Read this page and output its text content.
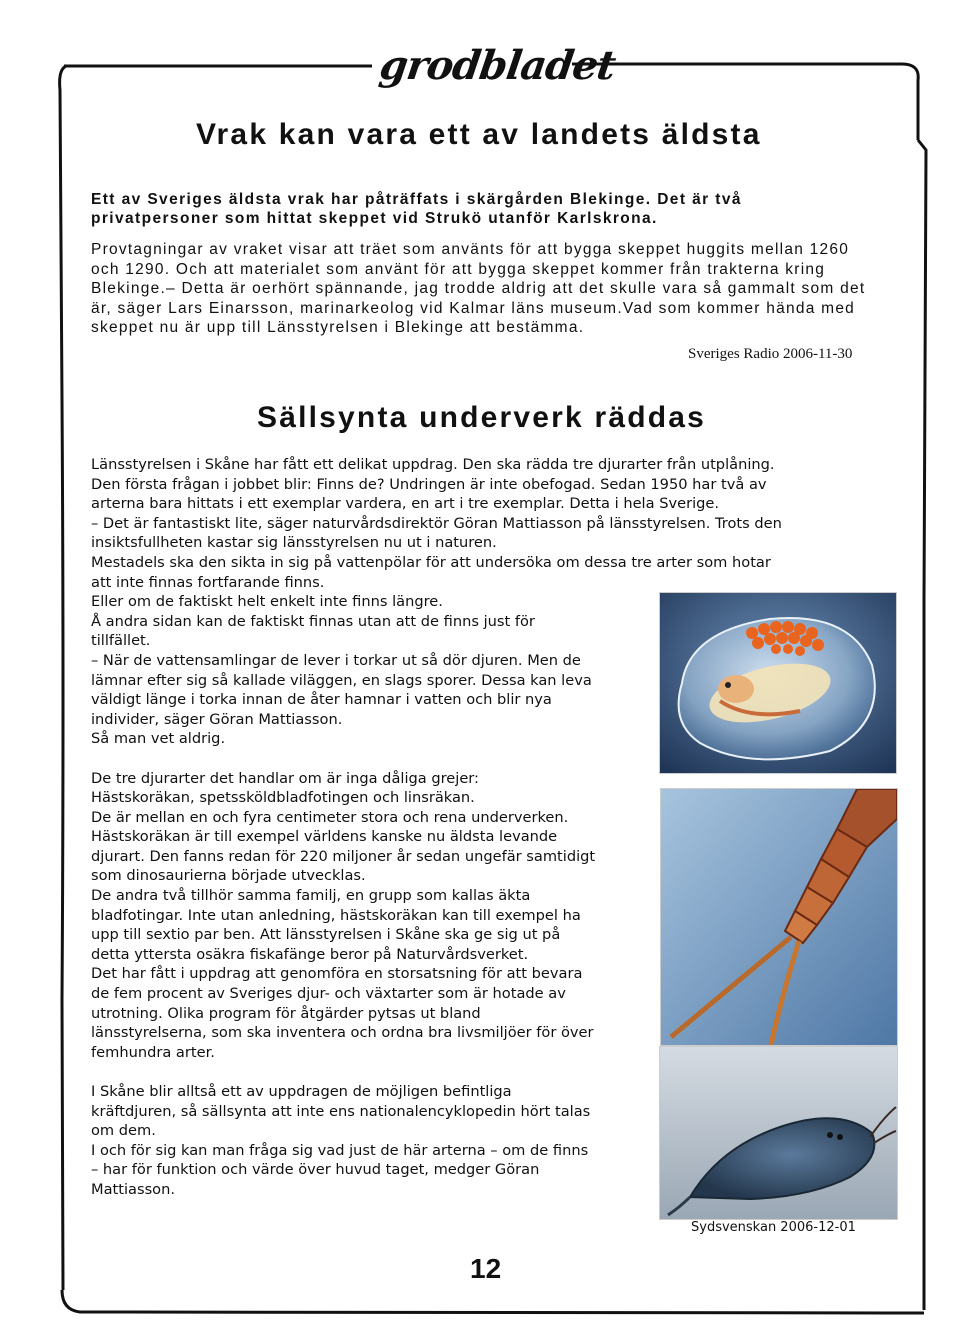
grodbladet
Vrak kan vara ett av landets äldsta
Ett av Sveriges äldsta vrak har påträffats i skärgården Blekinge. Det är två privatpersoner som hittat skeppet vid Strukö utanför Karlskrona.
Provtagningar av vraket visar att träet som använts för att bygga skeppet huggits mellan 1260 och 1290. Och att materialet som använt för att bygga skeppet kommer från trakterna kring Blekinge.– Detta är oerhört spännande, jag trodde aldrig att det skulle vara så gammalt som det är, säger Lars Einarsson, marinarkeolog vid Kalmar läns museum.Vad som kommer hända med skeppet nu är upp till Länsstyrelsen i Blekinge att bestämma.
Sveriges Radio 2006-11-30
Sällsynta underverk räddas

Länsstyrelsen i Skåne har fått ett delikat uppdrag. Den ska rädda tre djurarter från utplåning.

Den första frågan i jobbet blir: Finns de? Undringen är inte obefogad. Sedan 1950 har två av

arterna bara hittats i ett exemplar vardera, en art i tre exemplar. Detta i hela Sverige.

– Det är fantastiskt lite, säger naturvårdsdirektör Göran Mattiasson på länsstyrelsen. Trots den

insiktsfullheten kastar sig länsstyrelsen nu ut i naturen.

Mestadels ska den sikta in sig på vattenpölar för att undersöka om dessa tre arter som hotar

att inte finnas fortfarande finns.

Eller om de faktiskt helt enkelt inte finns längre.

Å andra sidan kan de faktiskt finnas utan att de finns just för

tillfället.

– När de vattensamlingar de lever i torkar ut så dör djuren. Men de

lämnar efter sig så kallade viläggen, en slags sporer. Dessa kan leva

väldigt länge i torka innan de åter hamnar i vatten och blir nya

individer, säger Göran Mattiasson.

Så man vet aldrig.

De tre djurarter det handlar om är inga dåliga grejer:

Hästskoräkan, spetssköldbladfotingen och linsräkan.

De är mellan en och fyra centimeter stora och rena underverken.

Hästskoräkan är till exempel världens kanske nu äldsta levande

djurart. Den fanns redan för 220 miljoner år sedan ungefär samtidigt

som dinosaurierna började utvecklas.

De andra två tillhör samma familj, en grupp som kallas äkta

bladfotingar. Inte utan anledning, hästskoräkan kan till exempel ha

upp till sextio par ben. Att länsstyrelsen i Skåne ska ge sig ut på

detta yttersta osäkra fiskafänge beror på Naturvårdsverket.

Det har fått i uppdrag att genomföra en storsatsning för att bevara

de fem procent av Sveriges djur- och växtarter som är hotade av

utrotning. Olika program för åtgärder pytsas ut bland

länsstyrelserna, som ska inventera och ordna bra livsmiljöer för över

femhundra arter.

I Skåne blir alltså ett av uppdragen de möjligen befintliga

kräftdjuren, så sällsynta att inte ens nationalencyklopedin hört talas

om dem.

I och för sig kan man fråga sig vad just de här arterna – om de finns

– har för funktion och värde över huvud taget, medger Göran

Mattiasson.

Sydsvenskan 2006-12-01
12
